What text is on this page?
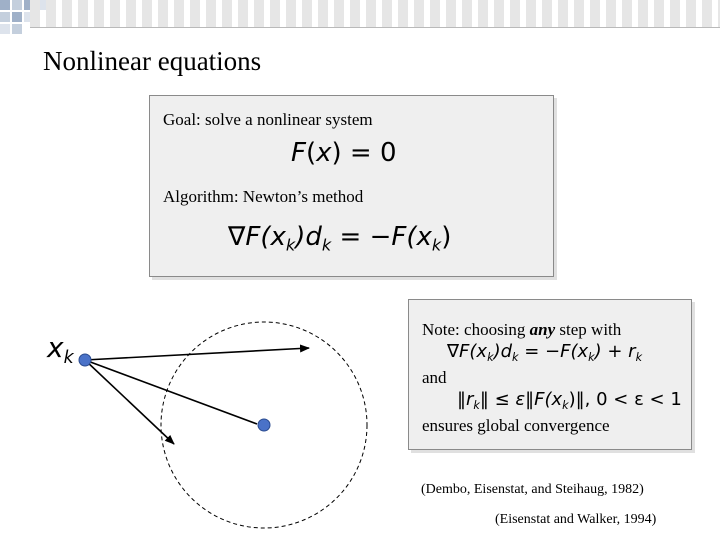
Nonlinear equations
Goal: solve a nonlinear system
F(x) = 0
Algorithm: Newton’s method
$\nabla F(x_k)d_k = -F(x_k)$
Note: choosing any step with
$\nabla F(x_k)d_k = -F(x_k) + r_k$
and
$‖r_k‖$ ≤ $\varepsilon‖F(x_k)‖$, 0 < ε < 1
ensures global convergence
$x_k$
(Dembo, Eisenstat, and Steihaug, 1982)
(Eisenstat and Walker, 1994)
